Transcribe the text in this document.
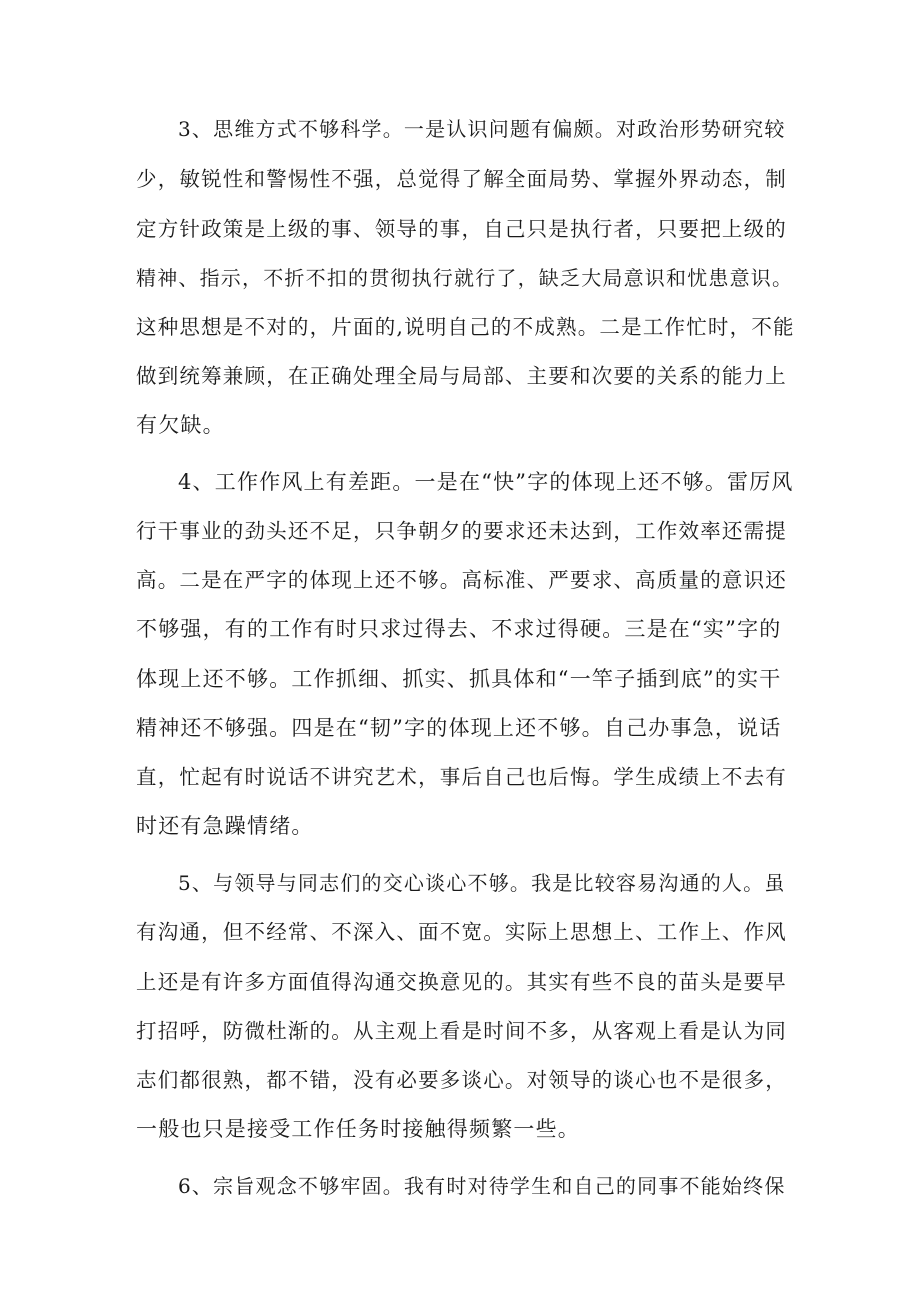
3、思维方式不够科学。一是认识问题有偏颇。对政治形势研究较
少，敏锐性和警惕性不强，总觉得了解全面局势、掌握外界动态，制
定方针政策是上级的事、领导的事，自己只是执行者，只要把上级的
精神、指示，不折不扣的贯彻执行就行了，缺乏大局意识和忧患意识。
这种思想是不对的，片面的,说明自己的不成熟。二是工作忙时，不能
做到统筹兼顾，在正确处理全局与局部、主要和次要的关系的能力上
有欠缺。
4、工作作风上有差距。一是在“快”字的体现上还不够。雷厉风
行干事业的劲头还不足，只争朝夕的要求还未达到，工作效率还需提
高。二是在严字的体现上还不够。高标准、严要求、高质量的意识还
不够强，有的工作有时只求过得去、不求过得硬。三是在“实”字的
体现上还不够。工作抓细、抓实、抓具体和“一竿子插到底”的实干
精神还不够强。四是在“韧”字的体现上还不够。自己办事急，说话
直，忙起有时说话不讲究艺术，事后自己也后悔。学生成绩上不去有
时还有急躁情绪。
5、与领导与同志们的交心谈心不够。我是比较容易沟通的人。虽
有沟通，但不经常、不深入、面不宽。实际上思想上、工作上、作风
上还是有许多方面值得沟通交换意见的。其实有些不良的苗头是要早
打招呼，防微杜渐的。从主观上看是时间不多，从客观上看是认为同
志们都很熟，都不错，没有必要多谈心。对领导的谈心也不是很多，
一般也只是接受工作任务时接触得频繁一些。
6、宗旨观念不够牢固。我有时对待学生和自己的同事不能始终保
